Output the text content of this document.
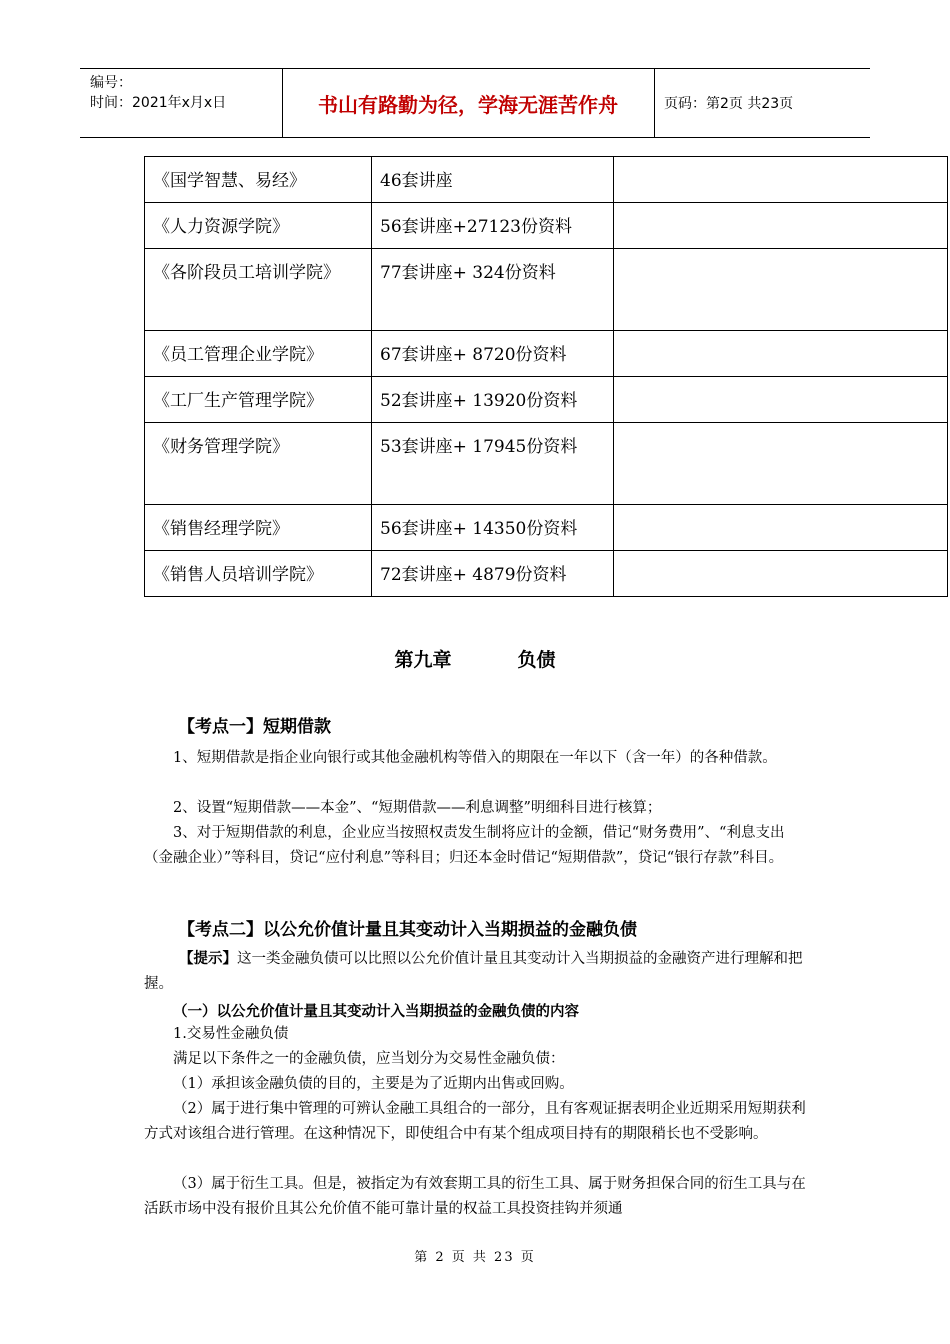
编号：
时间：2021年x月x日	书山有路勤为径，学海无涯苦作舟	页码：第2页 共23页
《国学智慧、易经》	46套讲座	
《人力资源学院》	56套讲座+27123份资料	
《各阶段员工培训学院》	77套讲座+ 324份资料	
《员工管理企业学院》	67套讲座+ 8720份资料	
《工厂生产管理学院》	52套讲座+ 13920份资料	
《财务管理学院》	53套讲座+ 17945份资料	
《销售经理学院》	56套讲座+ 14350份资料	
《销售人员培训学院》	72套讲座+ 4879份资料	
第九章	负债
【考点一】短期借款

1、短期借款是指企业向银行或其他金融机构等借入的期限在一年以下（含一年）的各种借款。

2、设置“短期借款——本金”、“短期借款——利息调整”明细科目进行核算；

3、对于短期借款的利息，企业应当按照权责发生制将应计的金额，借记“财务费用”、“利息支出（金融企业）”等科目，贷记“应付利息”等科目；归还本金时借记“短期借款”，贷记“银行存款”科目。

【考点二】以公允价值计量且其变动计入当期损益的金融负债

【提示】这一类金融负债可以比照以公允价值计量且其变动计入当期损益的金融资产进行理解和把握。

（一）以公允价值计量且其变动计入当期损益的金融负债的内容

1.交易性金融负债

满足以下条件之一的金融负债，应当划分为交易性金融负债：

（1）承担该金融负债的目的，主要是为了近期内出售或回购。

（2）属于进行集中管理的可辨认金融工具组合的一部分，且有客观证据表明企业近期采用短期获利方式对该组合进行管理。在这种情况下，即使组合中有某个组成项目持有的期限稍长也不受影响。

（3）属于衍生工具。但是，被指定为有效套期工具的衍生工具、属于财务担保合同的衍生工具与在活跃市场中没有报价且其公允价值不能可靠计量的权益工具投资挂钩并须通

第 2 页 共 23 页
